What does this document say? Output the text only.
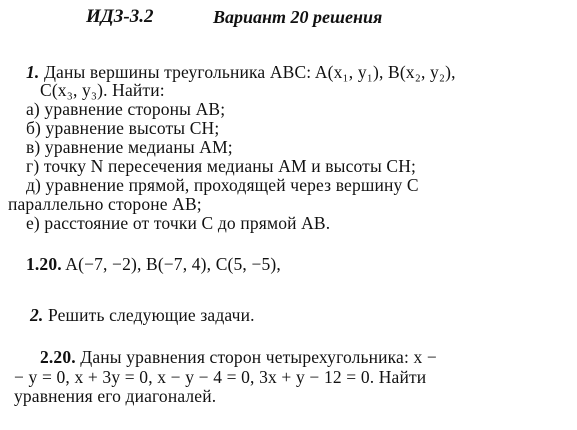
ИДЗ-3.2	Вариант 20 решения
1. Даны вершины треугольника ABC: A(x₁, y₁), B(x₂, y₂),
C(x₃, y₃). Найти:
а) уравнение стороны AB;
б) уравнение высоты CH;
в) уравнение медианы AM;
г) точку N пересечения медианы AM и высоты CH;
д) уравнение прямой, проходящей через вершину C
параллельно стороне AB;
е) расстояние от точки C до прямой AB.
1.20. A(−7, −2), B(−7, 4), C(5, −5),
2. Решить следующие задачи.
2.20. Даны уравнения сторон четырехугольника: x −
− y = 0, x + 3y = 0, x − y − 4 = 0, 3x + y − 12 = 0. Найти
уравнения его диагоналей.
